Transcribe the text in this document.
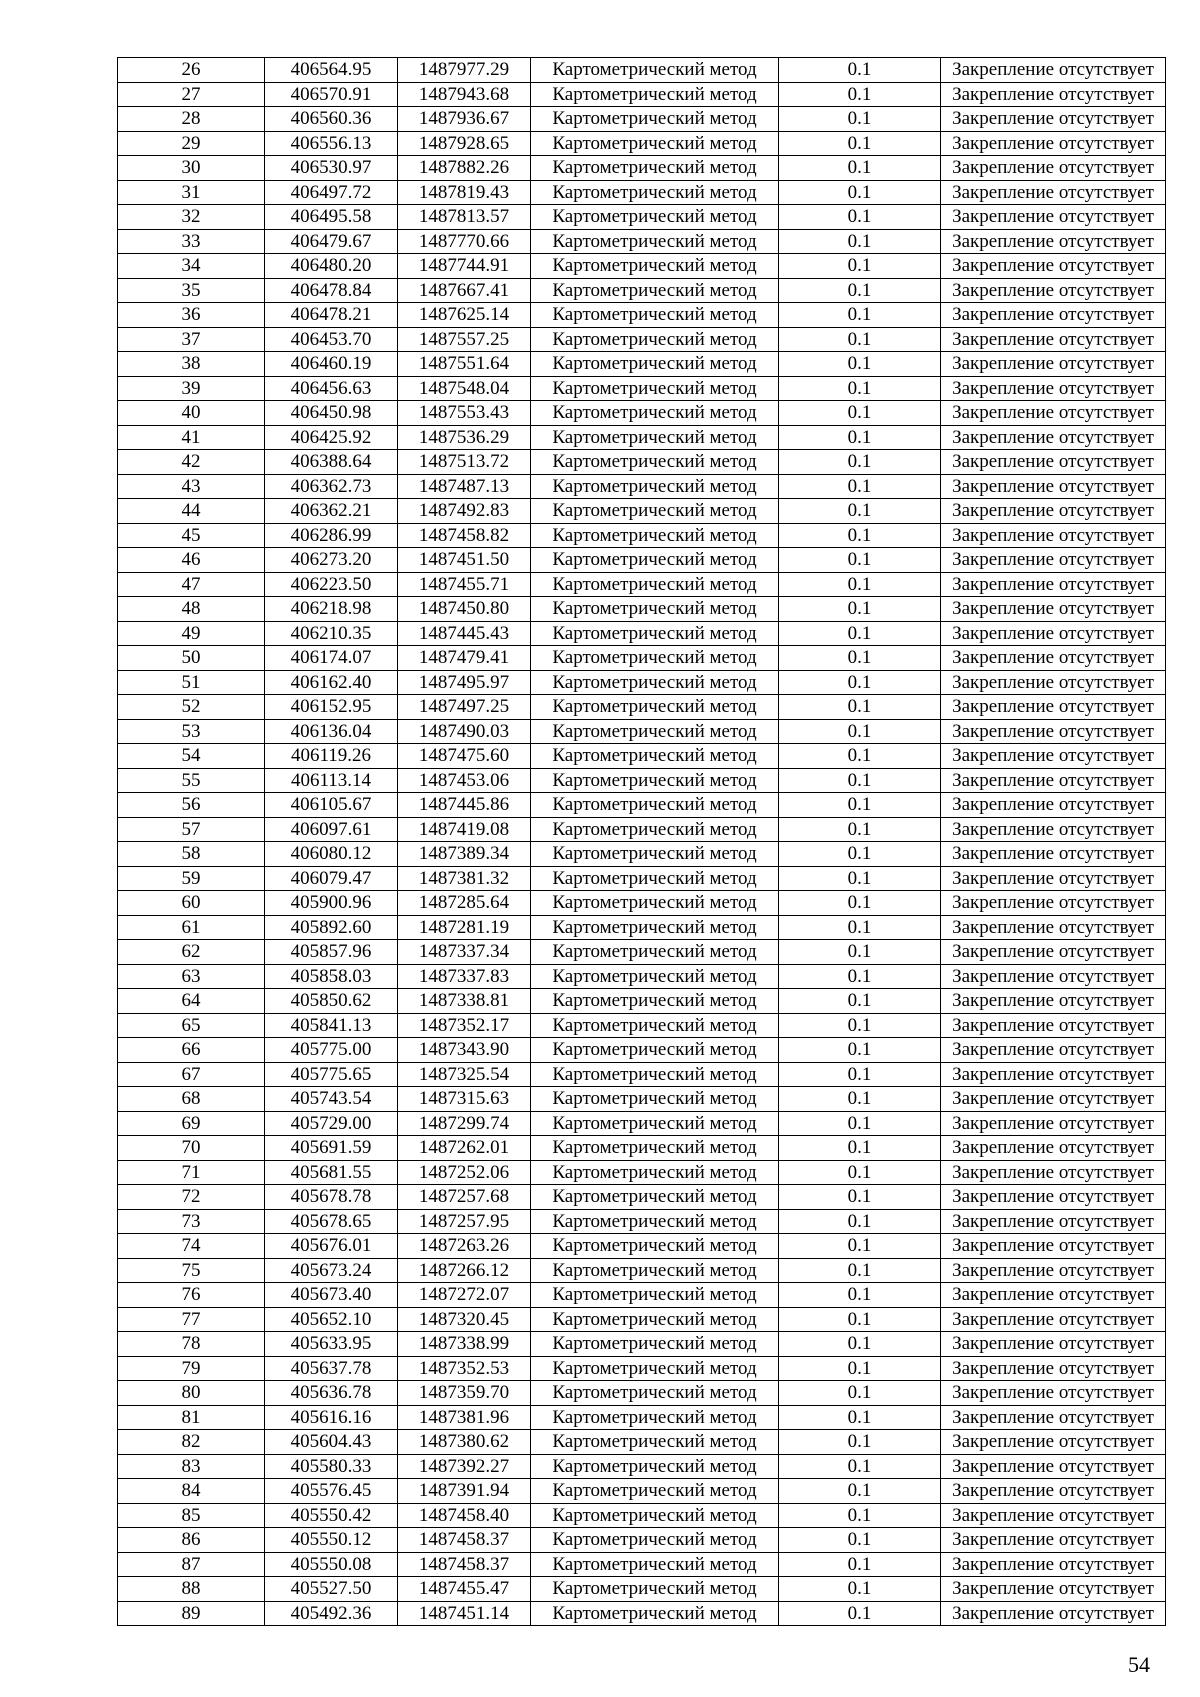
26	406564.95	1487977.29	Картометрический метод	0.1	Закрепление отсутствует
27	406570.91	1487943.68	Картометрический метод	0.1	Закрепление отсутствует
28	406560.36	1487936.67	Картометрический метод	0.1	Закрепление отсутствует
29	406556.13	1487928.65	Картометрический метод	0.1	Закрепление отсутствует
30	406530.97	1487882.26	Картометрический метод	0.1	Закрепление отсутствует
31	406497.72	1487819.43	Картометрический метод	0.1	Закрепление отсутствует
32	406495.58	1487813.57	Картометрический метод	0.1	Закрепление отсутствует
33	406479.67	1487770.66	Картометрический метод	0.1	Закрепление отсутствует
34	406480.20	1487744.91	Картометрический метод	0.1	Закрепление отсутствует
35	406478.84	1487667.41	Картометрический метод	0.1	Закрепление отсутствует
36	406478.21	1487625.14	Картометрический метод	0.1	Закрепление отсутствует
37	406453.70	1487557.25	Картометрический метод	0.1	Закрепление отсутствует
38	406460.19	1487551.64	Картометрический метод	0.1	Закрепление отсутствует
39	406456.63	1487548.04	Картометрический метод	0.1	Закрепление отсутствует
40	406450.98	1487553.43	Картометрический метод	0.1	Закрепление отсутствует
41	406425.92	1487536.29	Картометрический метод	0.1	Закрепление отсутствует
42	406388.64	1487513.72	Картометрический метод	0.1	Закрепление отсутствует
43	406362.73	1487487.13	Картометрический метод	0.1	Закрепление отсутствует
44	406362.21	1487492.83	Картометрический метод	0.1	Закрепление отсутствует
45	406286.99	1487458.82	Картометрический метод	0.1	Закрепление отсутствует
46	406273.20	1487451.50	Картометрический метод	0.1	Закрепление отсутствует
47	406223.50	1487455.71	Картометрический метод	0.1	Закрепление отсутствует
48	406218.98	1487450.80	Картометрический метод	0.1	Закрепление отсутствует
49	406210.35	1487445.43	Картометрический метод	0.1	Закрепление отсутствует
50	406174.07	1487479.41	Картометрический метод	0.1	Закрепление отсутствует
51	406162.40	1487495.97	Картометрический метод	0.1	Закрепление отсутствует
52	406152.95	1487497.25	Картометрический метод	0.1	Закрепление отсутствует
53	406136.04	1487490.03	Картометрический метод	0.1	Закрепление отсутствует
54	406119.26	1487475.60	Картометрический метод	0.1	Закрепление отсутствует
55	406113.14	1487453.06	Картометрический метод	0.1	Закрепление отсутствует
56	406105.67	1487445.86	Картометрический метод	0.1	Закрепление отсутствует
57	406097.61	1487419.08	Картометрический метод	0.1	Закрепление отсутствует
58	406080.12	1487389.34	Картометрический метод	0.1	Закрепление отсутствует
59	406079.47	1487381.32	Картометрический метод	0.1	Закрепление отсутствует
60	405900.96	1487285.64	Картометрический метод	0.1	Закрепление отсутствует
61	405892.60	1487281.19	Картометрический метод	0.1	Закрепление отсутствует
62	405857.96	1487337.34	Картометрический метод	0.1	Закрепление отсутствует
63	405858.03	1487337.83	Картометрический метод	0.1	Закрепление отсутствует
64	405850.62	1487338.81	Картометрический метод	0.1	Закрепление отсутствует
65	405841.13	1487352.17	Картометрический метод	0.1	Закрепление отсутствует
66	405775.00	1487343.90	Картометрический метод	0.1	Закрепление отсутствует
67	405775.65	1487325.54	Картометрический метод	0.1	Закрепление отсутствует
68	405743.54	1487315.63	Картометрический метод	0.1	Закрепление отсутствует
69	405729.00	1487299.74	Картометрический метод	0.1	Закрепление отсутствует
70	405691.59	1487262.01	Картометрический метод	0.1	Закрепление отсутствует
71	405681.55	1487252.06	Картометрический метод	0.1	Закрепление отсутствует
72	405678.78	1487257.68	Картометрический метод	0.1	Закрепление отсутствует
73	405678.65	1487257.95	Картометрический метод	0.1	Закрепление отсутствует
74	405676.01	1487263.26	Картометрический метод	0.1	Закрепление отсутствует
75	405673.24	1487266.12	Картометрический метод	0.1	Закрепление отсутствует
76	405673.40	1487272.07	Картометрический метод	0.1	Закрепление отсутствует
77	405652.10	1487320.45	Картометрический метод	0.1	Закрепление отсутствует
78	405633.95	1487338.99	Картометрический метод	0.1	Закрепление отсутствует
79	405637.78	1487352.53	Картометрический метод	0.1	Закрепление отсутствует
80	405636.78	1487359.70	Картометрический метод	0.1	Закрепление отсутствует
81	405616.16	1487381.96	Картометрический метод	0.1	Закрепление отсутствует
82	405604.43	1487380.62	Картометрический метод	0.1	Закрепление отсутствует
83	405580.33	1487392.27	Картометрический метод	0.1	Закрепление отсутствует
84	405576.45	1487391.94	Картометрический метод	0.1	Закрепление отсутствует
85	405550.42	1487458.40	Картометрический метод	0.1	Закрепление отсутствует
86	405550.12	1487458.37	Картометрический метод	0.1	Закрепление отсутствует
87	405550.08	1487458.37	Картометрический метод	0.1	Закрепление отсутствует
88	405527.50	1487455.47	Картометрический метод	0.1	Закрепление отсутствует
89	405492.36	1487451.14	Картометрический метод	0.1	Закрепление отсутствует
54
